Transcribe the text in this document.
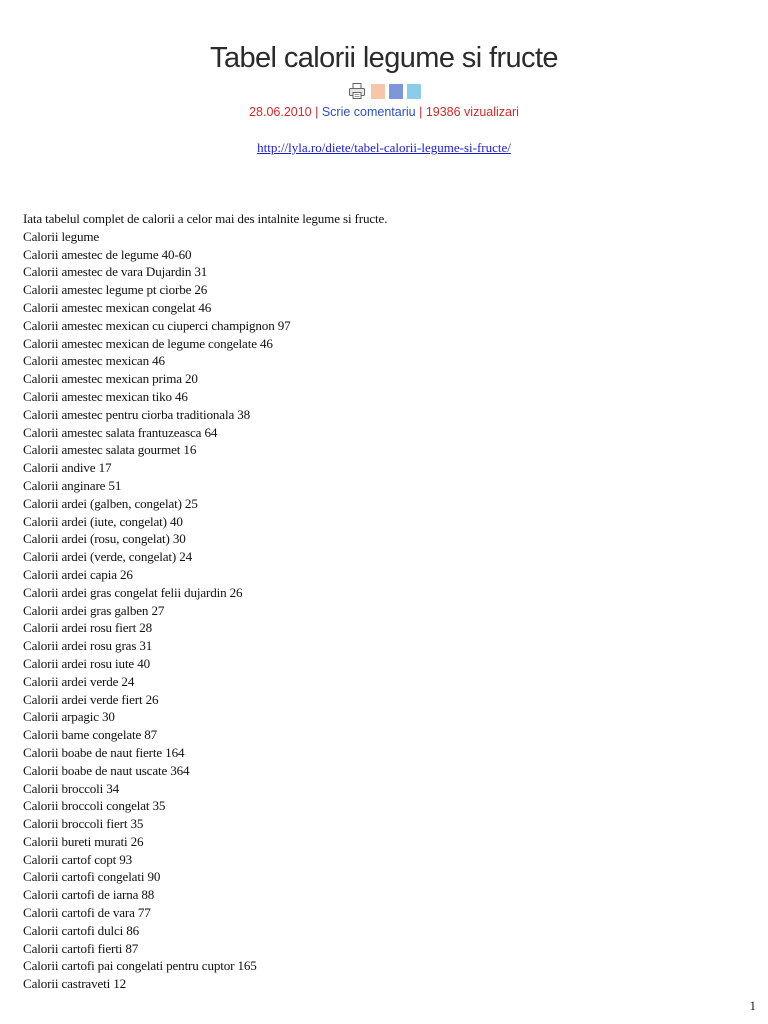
Tabel calorii legume si fructe
28.06.2010 | Scrie comentariu | 19386 vizualizari
http://lyla.ro/diete/tabel-calorii-legume-si-fructe/
Iata tabelul complet de calorii a celor mai des intalnite legume si fructe.
Calorii legume
Calorii amestec de legume 40-60
Calorii amestec de vara Dujardin 31
Calorii amestec legume pt ciorbe 26
Calorii amestec mexican congelat 46
Calorii amestec mexican cu ciuperci champignon 97
Calorii amestec mexican de legume congelate 46
Calorii amestec mexican 46
Calorii amestec mexican prima 20
Calorii amestec mexican tiko 46
Calorii amestec pentru ciorba traditionala 38
Calorii amestec salata frantuzeasca 64
Calorii amestec salata gourmet 16
Calorii andive 17
Calorii anginare 51
Calorii ardei (galben, congelat) 25
Calorii ardei (iute, congelat) 40
Calorii ardei (rosu, congelat) 30
Calorii ardei (verde, congelat) 24
Calorii ardei capia 26
Calorii ardei gras congelat felii dujardin 26
Calorii ardei gras galben 27
Calorii ardei rosu fiert 28
Calorii ardei rosu gras 31
Calorii ardei rosu iute 40
Calorii ardei verde 24
Calorii ardei verde fiert 26
Calorii arpagic 30
Calorii bame congelate 87
Calorii boabe de naut fierte 164
Calorii boabe de naut uscate 364
Calorii broccoli 34
Calorii broccoli congelat 35
Calorii broccoli fiert 35
Calorii bureti murati 26
Calorii cartof copt 93
Calorii cartofi congelati 90
Calorii cartofi de iarna 88
Calorii cartofi de vara 77
Calorii cartofi dulci 86
Calorii cartofi fierti 87
Calorii cartofi pai congelati pentru cuptor 165
Calorii castraveti 12
1
